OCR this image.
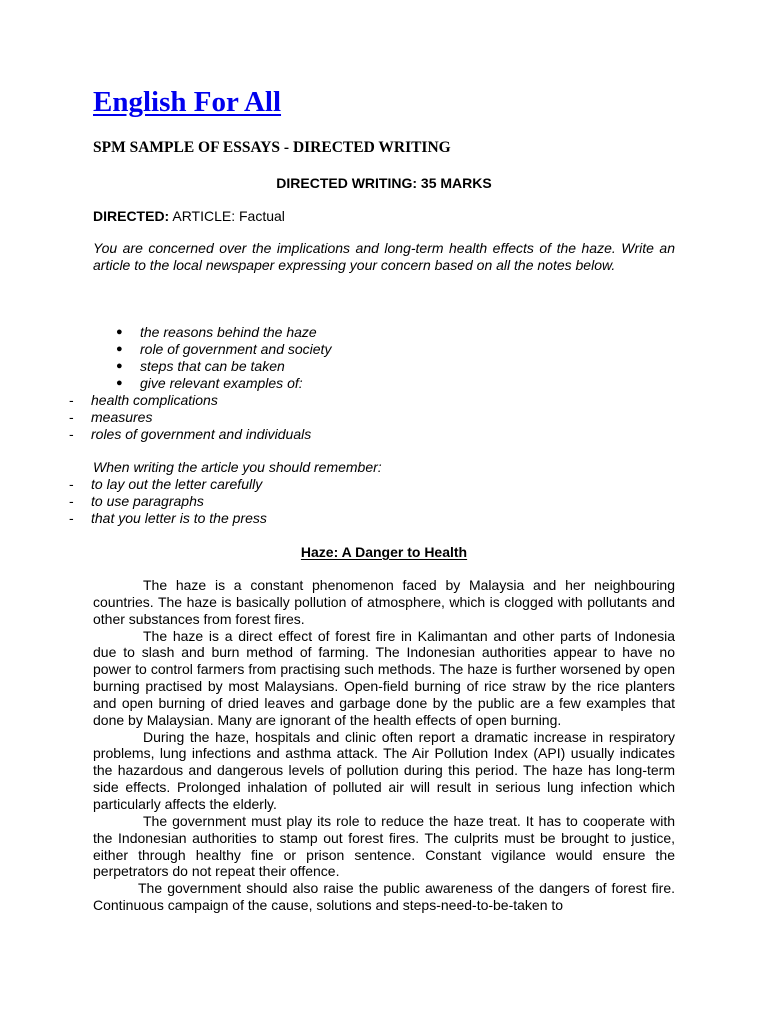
English For All
SPM SAMPLE OF ESSAYS - DIRECTED WRITING
DIRECTED WRITING: 35 MARKS
DIRECTED: ARTICLE: Factual
You are concerned over the implications and long-term health effects of the haze. Write an article to the local newspaper expressing your concern based on all the notes below.
● the reasons behind the haze
● role of government and society
● steps that can be taken
● give relevant examples of:
- health complications
- measures
- roles of government and individuals
When writing the article you should remember:
- to lay out the letter carefully
- to use paragraphs
- that you letter is to the press
Haze: A Danger to Health

The haze is a constant phenomenon faced by Malaysia and her neighbouring countries. The haze is basically pollution of atmosphere, which is clogged with pollutants and other substances from forest fires.

The haze is a direct effect of forest fire in Kalimantan and other parts of Indonesia due to slash and burn method of farming. The Indonesian authorities appear to have no power to control farmers from practising such methods. The haze is further worsened by open burning practised by most Malaysians. Open-field burning of rice straw by the rice planters and open burning of dried leaves and garbage done by the public are a few examples that done by Malaysian. Many are ignorant of the health effects of open burning.

During the haze, hospitals and clinic often report a dramatic increase in respiratory problems, lung infections and asthma attack. The Air Pollution Index (API) usually indicates the hazardous and dangerous levels of pollution during this period. The haze has long-term side effects. Prolonged inhalation of polluted air will result in serious lung infection which particularly affects the elderly.

The government must play its role to reduce the haze treat. It has to cooperate with the Indonesian authorities to stamp out forest fires. The culprits must be brought to justice, either through healthy fine or prison sentence. Constant vigilance would ensure the perpetrators do not repeat their offence.

The government should also raise the public awareness of the dangers of forest fire. Continuous campaign of the cause, solutions and steps-need-to-be-taken to
